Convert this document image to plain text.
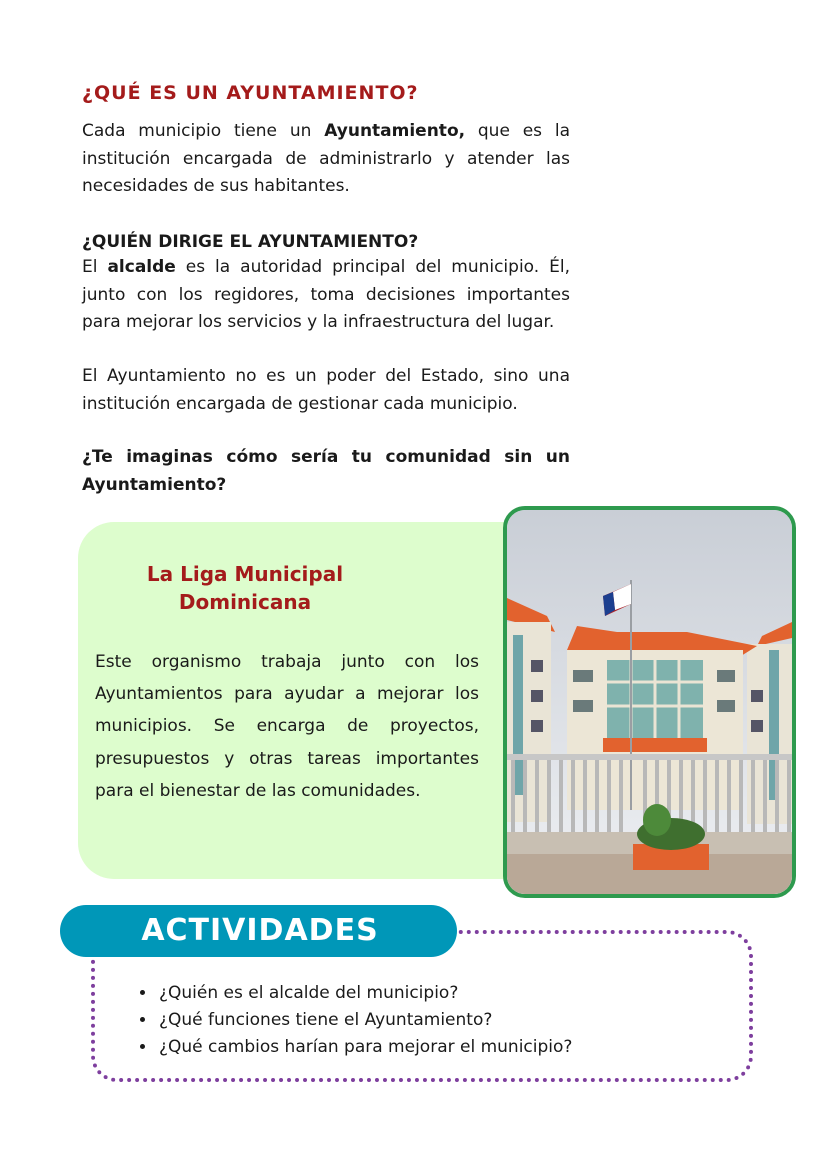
¿QUÉ ES UN AYUNTAMIENTO?

Cada municipio tiene un Ayuntamiento, que es la institución encargada de administrarlo y atender las necesidades de sus habitantes.

¿QUIÉN DIRIGE EL AYUNTAMIENTO?

El alcalde es la autoridad principal del municipio. Él, junto con los regidores, toma decisiones importantes para mejorar los servicios y la infraestructura del lugar.

El Ayuntamiento no es un poder del Estado, sino una institución encargada de gestionar cada municipio.

¿Te imaginas cómo sería tu comunidad sin un Ayuntamiento?

La Liga Municipal
Dominicana

Este organismo trabaja junto con los Ayuntamientos para ayudar a mejorar los municipios. Se encarga de proyectos, presupuestos y otras tareas importantes para el bienestar de las comunidades.

ACTIVIDADES
• ¿Quién es el alcalde del municipio?
• ¿Qué funciones tiene el Ayuntamiento?
• ¿Qué cambios harían para mejorar el municipio?
